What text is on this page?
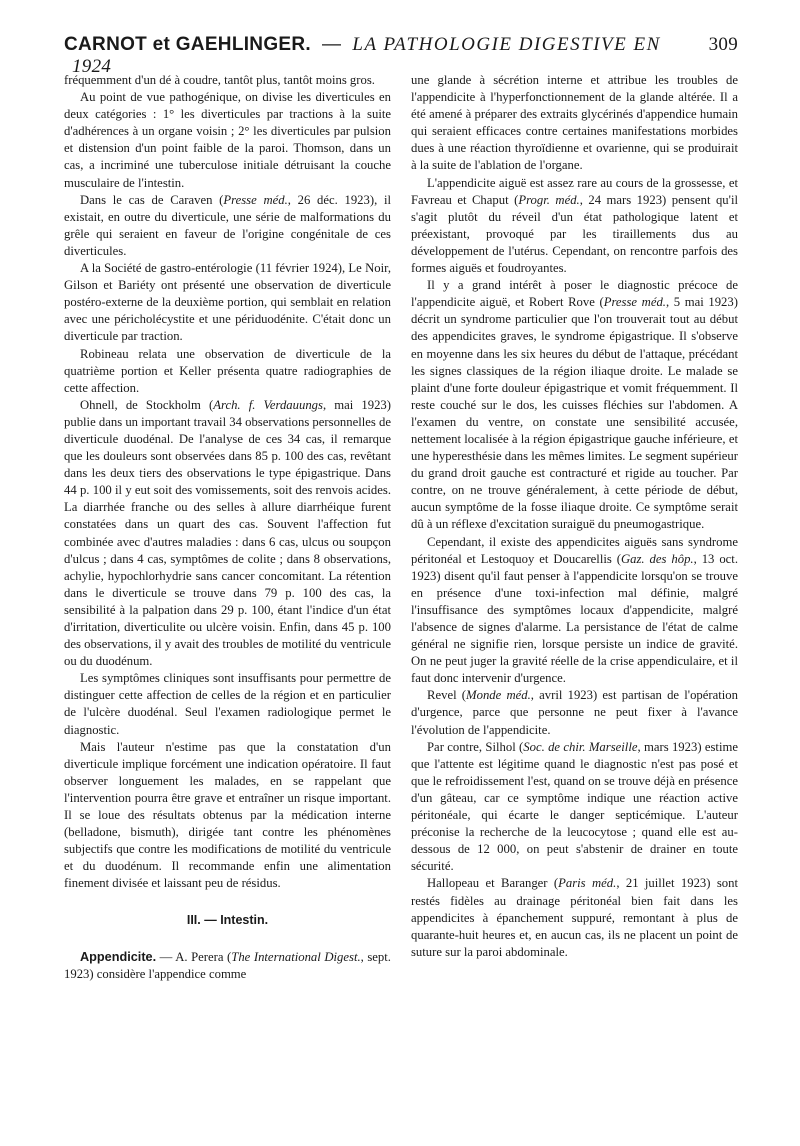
CARNOT et GAEHLINGER. — LA PATHOLOGIE DIGESTIVE EN 1924
309

fréquemment d'un dé à coudre, tantôt plus, tantôt moins gros.

Au point de vue pathogénique, on divise les diverticules en deux catégories : 1° les diverticules par tractions à la suite d'adhérences à un organe voisin ; 2° les diverticules par pulsion et distension d'un point faible de la paroi. Thomson, dans un cas, a incriminé une tuberculose initiale détruisant la couche musculaire de l'intestin.

Dans le cas de Caraven (Presse méd., 26 déc. 1923), il existait, en outre du diverticule, une série de malformations du grêle qui seraient en faveur de l'origine congénitale de ces diverticules.

A la Société de gastro-entérologie (11 février 1924), Le Noir, Gilson et Bariéty ont présenté une observation de diverticule postéro-externe de la deuxième portion, qui semblait en relation avec une péricholécystite et une périduodénite. C'était donc un diverticule par traction.

Robineau relata une observation de diverticule de la quatrième portion et Keller présenta quatre radiographies de cette affection.

Ohnell, de Stockholm (Arch. f. Verdauungs, mai 1923) publie dans un important travail 34 observations personnelles de diverticule duodénal. De l'analyse de ces 34 cas, il remarque que les douleurs sont observées dans 85 p. 100 des cas, revêtant dans les deux tiers des observations le type épigastrique. Dans 44 p. 100 il y eut soit des vomissements, soit des renvois acides. La diarrhée franche ou des selles à allure diarrhéique furent constatées dans un quart des cas. Souvent l'affection fut combinée avec d'autres maladies : dans 6 cas, ulcus ou soupçon d'ulcus ; dans 4 cas, symptômes de colite ; dans 8 observations, achylie, hypochlorhydrie sans cancer concomitant. La rétention dans le diverticule se trouve dans 79 p. 100 des cas, la sensibilité à la palpation dans 29 p. 100, étant l'indice d'un état d'irritation, diverticulite ou ulcère voisin. Enfin, dans 45 p. 100 des observations, il y avait des troubles de motilité du ventricule ou du duodénum.

Les symptômes cliniques sont insuffisants pour permettre de distinguer cette affection de celles de la région et en particulier de l'ulcère duodénal. Seul l'examen radiologique permet le diagnostic.

Mais l'auteur n'estime pas que la constatation d'un diverticule implique forcément une indication opératoire. Il faut observer longuement les malades, en se rappelant que l'intervention pourra être grave et entraîner un risque important. Il se loue des résultats obtenus par la médication interne (belladone, bismuth), dirigée tant contre les phénomènes subjectifs que contre les modifications de motilité du ventricule et du duodénum. Il recommande enfin une alimentation finement divisée et laissant peu de résidus.

III. — Intestin.

Appendicite. — A. Perera (The International Digest., sept. 1923) considère l'appendice comme

une glande à sécrétion interne et attribue les troubles de l'appendicite à l'hyperfonctionnement de la glande altérée. Il a été amené à préparer des extraits glycérinés d'appendice humain qui seraient efficaces contre certaines manifestations morbides dues à une réaction thyroïdienne et ovarienne, qui se produirait à la suite de l'ablation de l'organe.

L'appendicite aiguë est assez rare au cours de la grossesse, et Favreau et Chaput (Progr. méd., 24 mars 1923) pensent qu'il s'agit plutôt du réveil d'un état pathologique latent et préexistant, provoqué par les tiraillements dus au développement de l'utérus. Cependant, on rencontre parfois des formes aiguës et foudroyantes.

Il y a grand intérêt à poser le diagnostic précoce de l'appendicite aiguë, et Robert Rove (Presse méd., 5 mai 1923) décrit un syndrome particulier que l'on trouverait tout au début des appendicites graves, le syndrome épigastrique. Il s'observe en moyenne dans les six heures du début de l'attaque, précédant les signes classiques de la région iliaque droite. Le malade se plaint d'une forte douleur épigastrique et vomit fréquemment. Il reste couché sur le dos, les cuisses fléchies sur l'abdomen. A l'examen du ventre, on constate une sensibilité accusée, nettement localisée à la région épigastrique gauche inférieure, et une hyperesthésie dans les mêmes limites. Le segment supérieur du grand droit gauche est contracturé et rigide au toucher. Par contre, on ne trouve généralement, à cette période de début, aucun symptôme de la fosse iliaque droite. Ce symptôme serait dû à un réflexe d'excitation suraiguë du pneumogastrique.

Cependant, il existe des appendicites aiguës sans syndrome péritonéal et Lestoquoy et Doucarellis (Gaz. des hôp., 13 oct. 1923) disent qu'il faut penser à l'appendicite lorsqu'on se trouve en présence d'une toxi-infection mal définie, malgré l'insuffisance des symptômes locaux d'appendicite, malgré l'absence de signes d'alarme. La persistance de l'état de calme général ne signifie rien, lorsque persiste un indice de gravité. On ne peut juger la gravité réelle de la crise appendiculaire, et il faut donc intervenir d'urgence.

Revel (Monde méd., avril 1923) est partisan de l'opération d'urgence, parce que personne ne peut fixer à l'avance l'évolution de l'appendicite.

Par contre, Silhol (Soc. de chir. Marseille, mars 1923) estime que l'attente est légitime quand le diagnostic n'est pas posé et que le refroidissement l'est, quand on se trouve déjà en présence d'un gâteau, car ce symptôme indique une réaction active péritonéale, qui écarte le danger septicémique. L'auteur préconise la recherche de la leucocytose ; quand elle est au-dessous de 12 000, on peut s'abstenir de drainer en toute sécurité.

Hallopeau et Baranger (Paris méd., 21 juillet 1923) sont restés fidèles au drainage péritonéal bien fait dans les appendicites à épanchement suppuré, remontant à plus de quarante-huit heures et, en aucun cas, ils ne placent un point de suture sur la paroi abdominale.
